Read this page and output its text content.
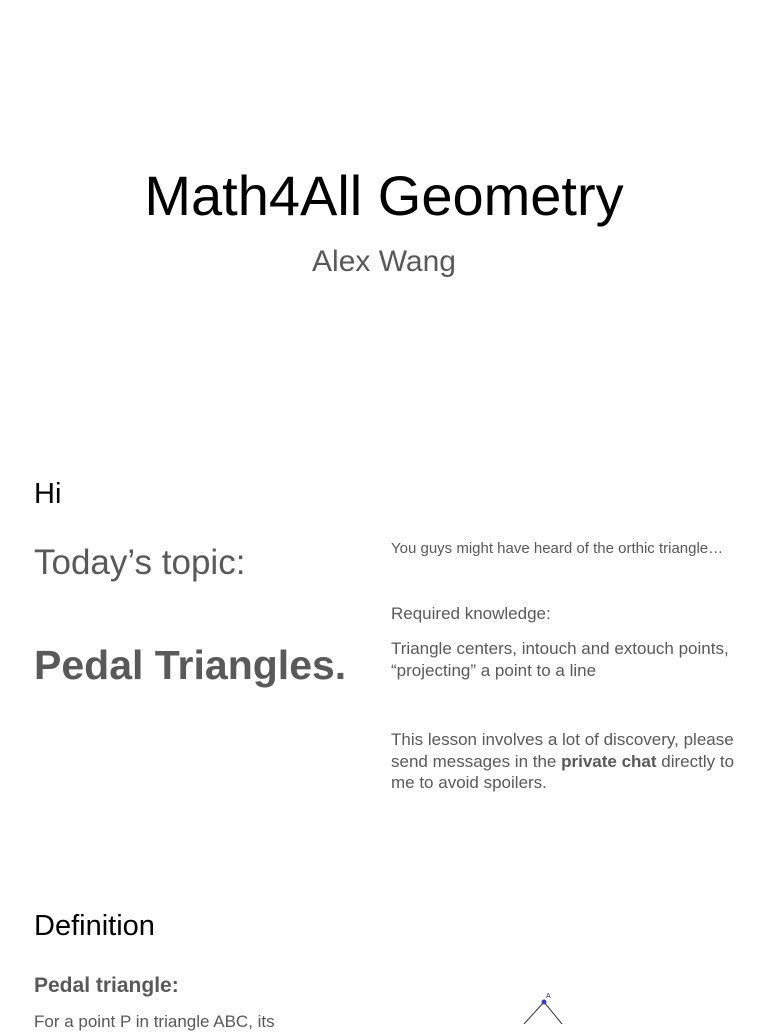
Math4All Geometry
Alex Wang
Hi
Today’s topic:
Pedal Triangles.
You guys might have heard of the orthic triangle…
Required knowledge:
Triangle centers, intouch and extouch points, “projecting” a point to a line
This lesson involves a lot of discovery, please send messages in the private chat directly to me to avoid spoilers.
Definition
Pedal triangle:
For a point P in triangle ABC, its
A
